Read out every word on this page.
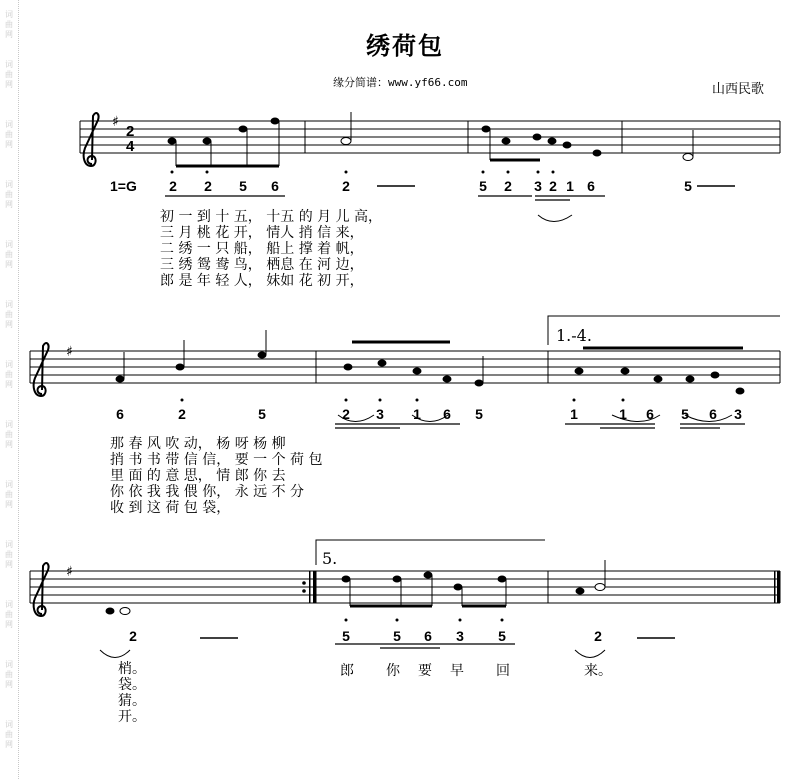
绣荷包
缘分简谱：www.yf66.com	山西民歌
♯
♯
♯
2
4
1=G
1.-4.
5.
2 2 5 6	2	5 2 3 2 1 6	5
6	2	5	2 3 1 6 5	1	1 6 5 6 3
2	5	5 6 3 5	2
初 一 到 十 五， 十五 的 月 儿 高，
三 月 桃 花 开， 情人 捎 信 来，
二 绣 一 只 船， 船上 撑 着 帆，
三 绣 鸳 鸯 鸟， 栖息 在 河 边，
郎 是 年 轻 人， 妹如 花 初 开，
那 春 风 吹 动， 杨 呀 杨 柳
捎 书 书 带 信 信， 要 一 个 荷 包
里 面 的 意 思， 情 郎 你 去
你 依 我 我 偎 你， 永 远 不 分
收 到 这 荷 包 袋，
梢。
袋。
猜。
开。
郎 你 要 早 回	来。
词曲网
词曲网
词曲网
词曲网
词曲网
词曲网
词曲网
词曲网
词曲网
词曲网
词曲网
词曲网
词曲网
